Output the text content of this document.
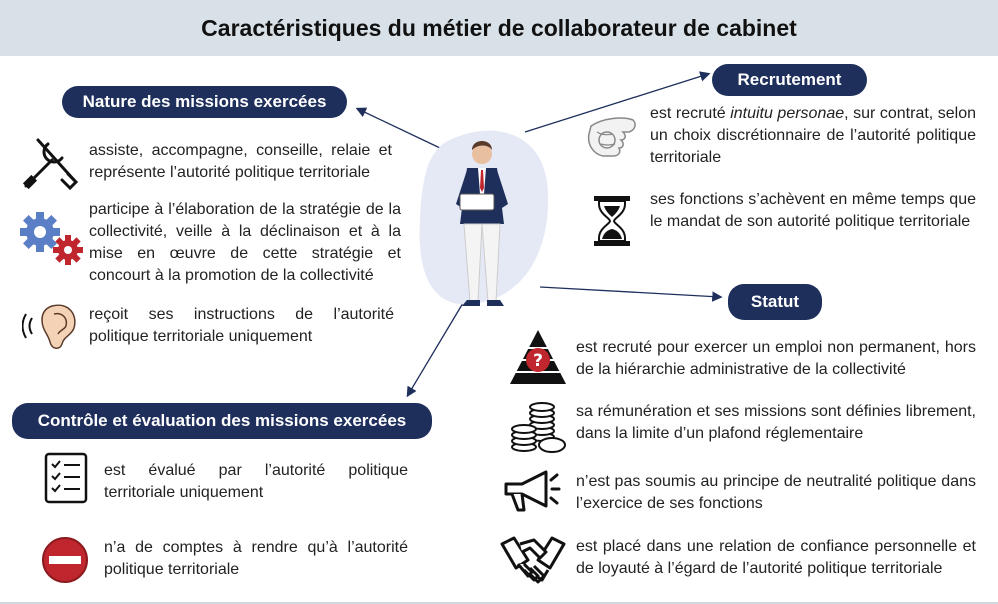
Caractéristiques du métier de collaborateur de cabinet
Nature des missions exercées
assiste, accompagne, conseille, relaie et représente l’autorité politique territoriale
participe à l’élaboration de la stratégie de la collectivité, veille à la déclinaison et à la mise en œuvre de cette stratégie et concourt à la promotion de la collectivité
reçoit ses instructions de l’autorité politique territoriale uniquement
Contrôle et évaluation des missions exercées
est évalué par l’autorité politique territoriale uniquement
n’a de comptes à rendre qu’à l’autorité politique territoriale
Recrutement
est recruté intuitu personae, sur contrat, selon un choix discrétionnaire de l’autorité politique territoriale
ses fonctions s’achèvent en même temps que le mandat de son autorité politique territoriale
Statut
?
est recruté pour exercer un emploi non permanent, hors de la hiérarchie administrative de la collectivité
sa rémunération et ses missions sont définies librement, dans la limite d’un plafond réglementaire
n’est pas soumis au principe de neutralité politique dans l’exercice de ses fonctions
est placé dans une relation de confiance personnelle et de loyauté à l’égard de l’autorité politique territoriale
